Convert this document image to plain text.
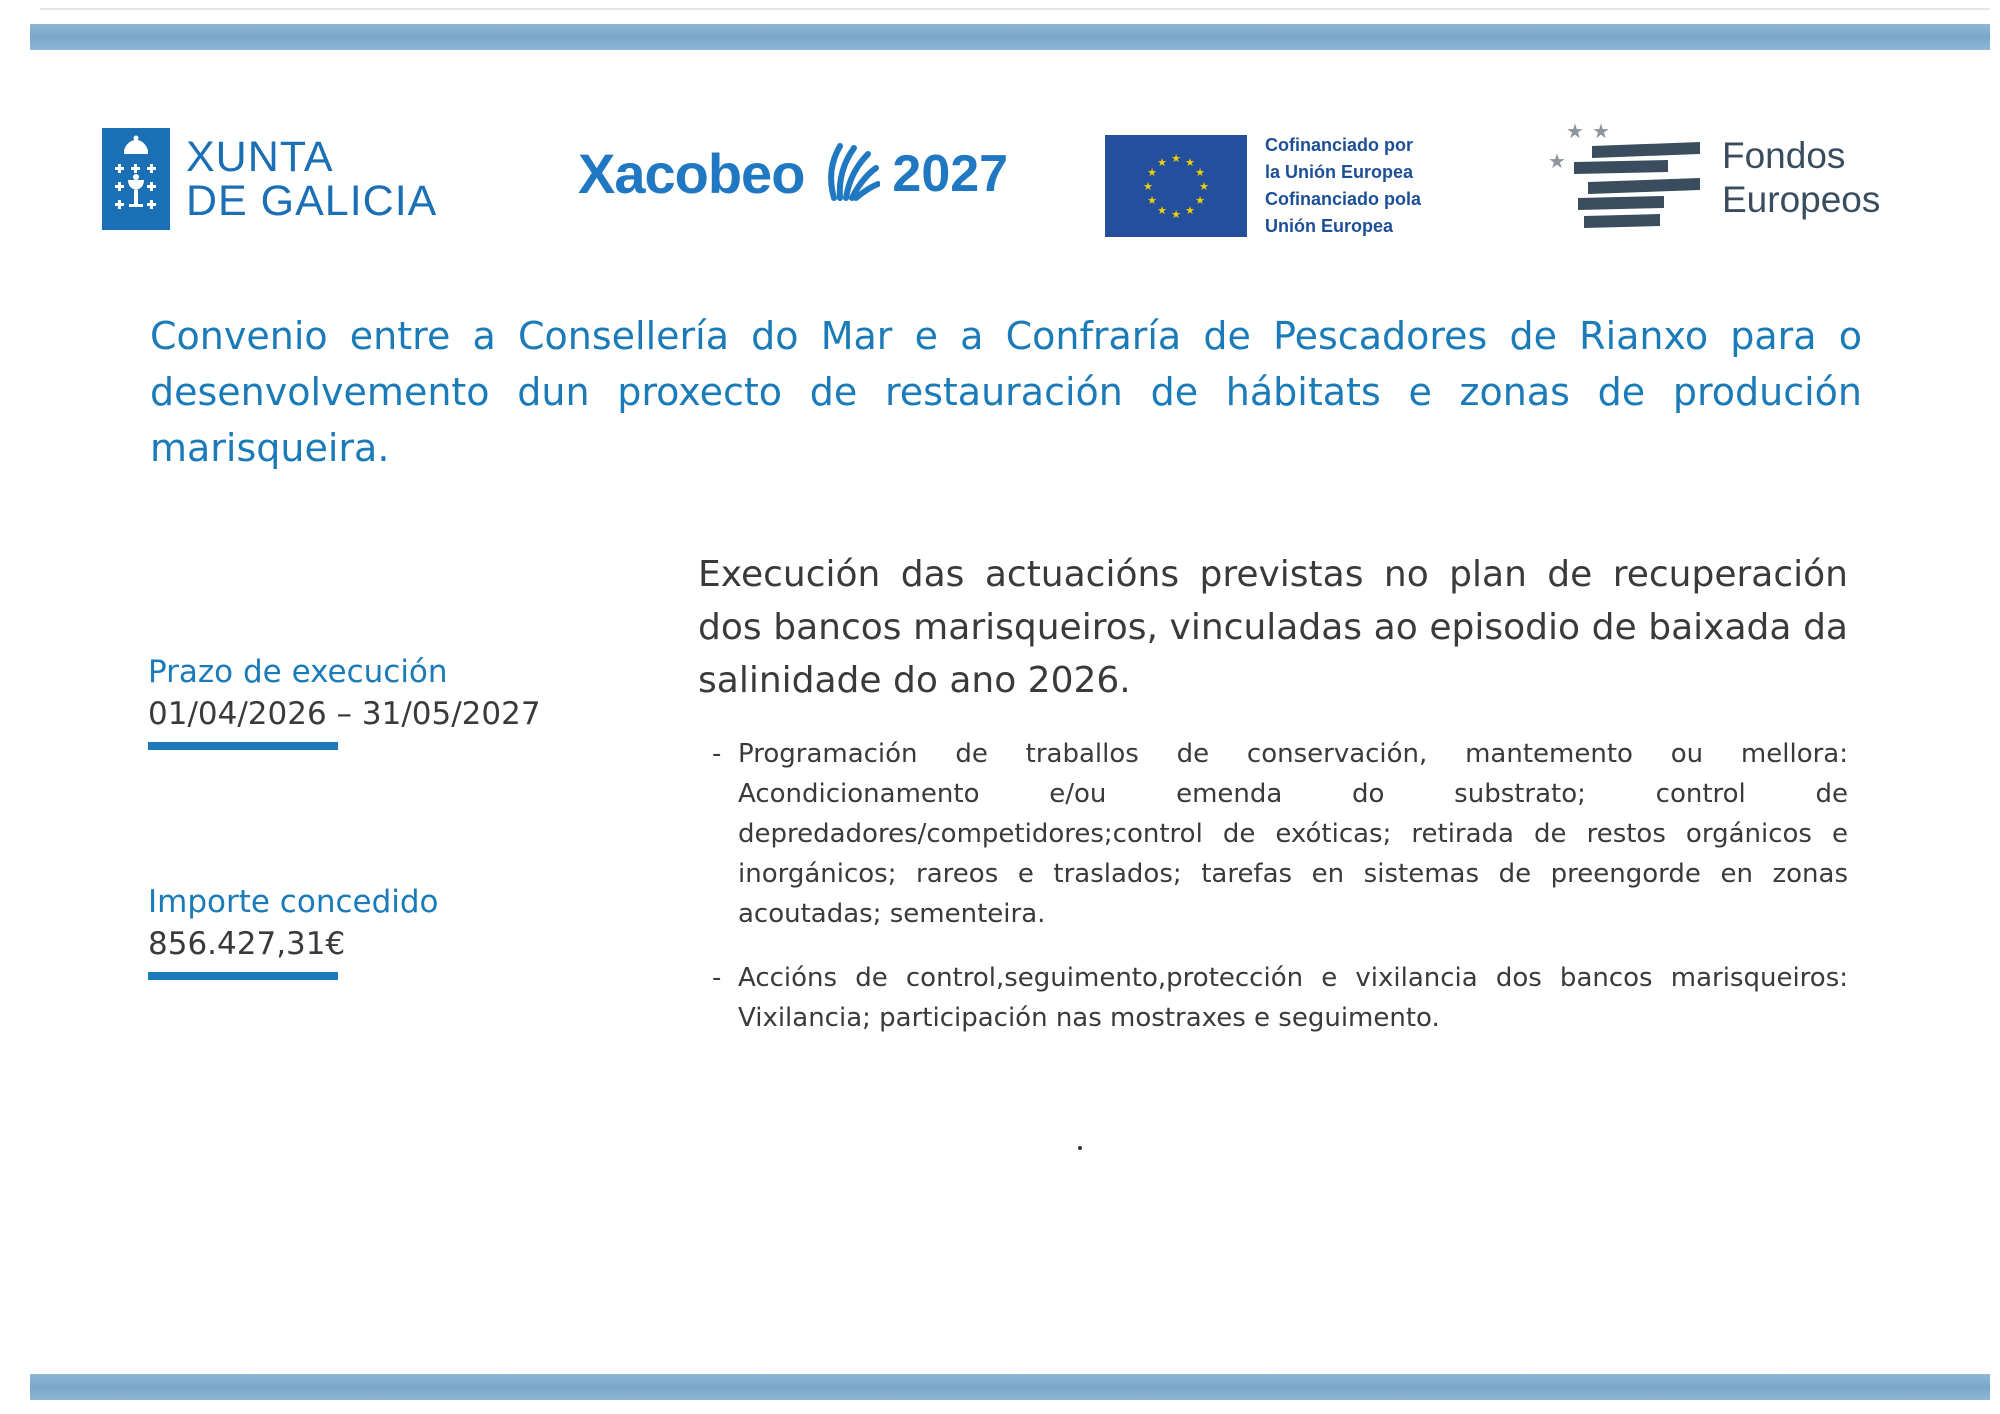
XUNTA
DE GALICIA	Xacobeo 2027	★ ★
★
★
★
★
★
★
★
★
★
★
Cofinanciado por
la Unión Europea
Cofinanciado pola
Unión Europea
★ ★
★	Fondos
Europeos
Convenio entre a Consellería do Mar e a Confraría de Pescadores de Rianxo para o desenvolvemento dun proxecto de restauración de hábitats e zonas de produción marisqueira.
Prazo de execución
01/04/2026 – 31/05/2027
Importe concedido
856.427,31€
Execución das actuacións previstas no plan de recuperación dos bancos marisqueiros, vinculadas ao episodio de baixada da salinidade do ano 2026.
- Programación de traballos de conservación, mantemento ou mellora: Acondicionamento e/ou emenda do substrato; control de depredadores/competidores;control de exóticas; retirada de restos orgánicos e inorgánicos; rareos e traslados; tarefas en sistemas de preengorde en zonas acoutadas; sementeira.
- Accións de control,seguimento,protección e vixilancia dos bancos marisqueiros: Vixilancia; participación nas mostraxes e seguimento.
